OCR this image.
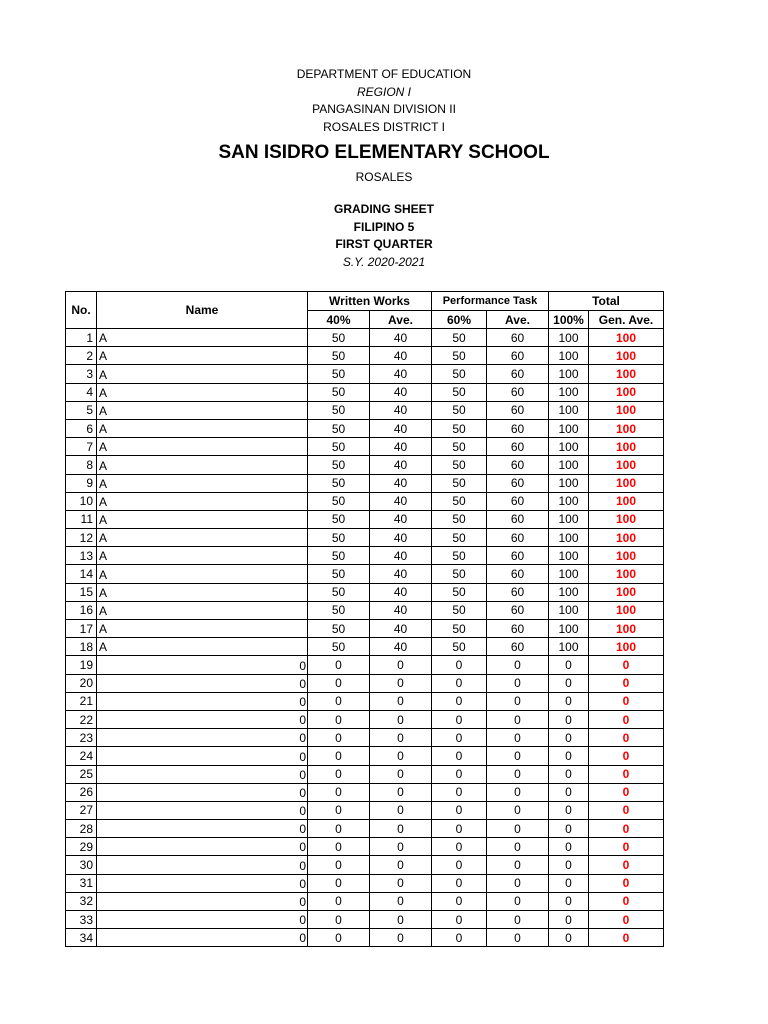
DEPARTMENT OF EDUCATION
REGION I
PANGASINAN DIVISION II
ROSALES DISTRICT I
SAN ISIDRO ELEMENTARY SCHOOL
ROSALES
GRADING SHEET
FILIPINO 5
FIRST QUARTER
S.Y. 2020-2021
No.	Name	Written Works		Performance Task		Total	
		40%	Ave.	60%	Ave.	100%	Gen. Ave.
1	A	50	40	50	60	100	100
2	A	50	40	50	60	100	100
3	A	50	40	50	60	100	100
4	A	50	40	50	60	100	100
5	A	50	40	50	60	100	100
6	A	50	40	50	60	100	100
7	A	50	40	50	60	100	100
8	A	50	40	50	60	100	100
9	A	50	40	50	60	100	100
10	A	50	40	50	60	100	100
11	A	50	40	50	60	100	100
12	A	50	40	50	60	100	100
13	A	50	40	50	60	100	100
14	A	50	40	50	60	100	100
15	A	50	40	50	60	100	100
16	A	50	40	50	60	100	100
17	A	50	40	50	60	100	100
18	A	50	40	50	60	100	100
19	0	0	0	0	0	0	0
20	0	0	0	0	0	0	0
21	0	0	0	0	0	0	0
22	0	0	0	0	0	0	0
23	0	0	0	0	0	0	0
24	0	0	0	0	0	0	0
25	0	0	0	0	0	0	0
26	0	0	0	0	0	0	0
27	0	0	0	0	0	0	0
28	0	0	0	0	0	0	0
29	0	0	0	0	0	0	0
30	0	0	0	0	0	0	0
31	0	0	0	0	0	0	0
32	0	0	0	0	0	0	0
33	0	0	0	0	0	0	0
34	0	0	0	0	0	0	0
